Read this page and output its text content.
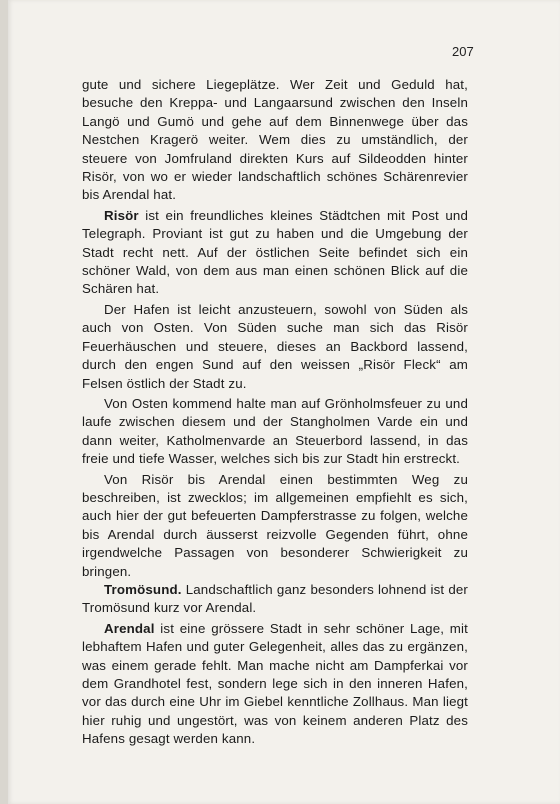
207

gute und sichere Liegeplätze. Wer Zeit und Geduld hat, besuche den Kreppa- und Langaarsund zwischen den Inseln Langö und Gumö und gehe auf dem Binnenwege über das Nestchen Kragerö weiter. Wem dies zu umständlich, der steuere von Jomfruland direkten Kurs auf Sildeodden hinter Risör, von wo er wieder landschaftlich schönes Schärenrevier bis Arendal hat.

Risör ist ein freundliches kleines Städtchen mit Post und Telegraph. Proviant ist gut zu haben und die Umgebung der Stadt recht nett. Auf der östlichen Seite befindet sich ein schöner Wald, von dem aus man einen schönen Blick auf die Schären hat.

Der Hafen ist leicht anzusteuern, sowohl von Süden als auch von Osten. Von Süden suche man sich das Risör Feuerhäuschen und steuere, dieses an Backbord lassend, durch den engen Sund auf den weissen „Risör Fleck“ am Felsen östlich der Stadt zu.

Von Osten kommend halte man auf Grönholmsfeuer zu und laufe zwischen diesem und der Stangholmen Varde ein und dann weiter, Katholmenvarde an Steuerbord lassend, in das freie und tiefe Wasser, welches sich bis zur Stadt hin erstreckt.

Von Risör bis Arendal einen bestimmten Weg zu beschreiben, ist zwecklos; im allgemeinen empfiehlt es sich, auch hier der gut befeuerten Dampferstrasse zu folgen, welche bis Arendal durch äusserst reizvolle Gegenden führt, ohne irgendwelche Passagen von besonderer Schwierigkeit zu bringen.

Tromösund. Landschaftlich ganz besonders lohnend ist der Tromösund kurz vor Arendal.

Arendal ist eine grössere Stadt in sehr schöner Lage, mit lebhaftem Hafen und guter Gelegenheit, alles das zu ergänzen, was einem gerade fehlt. Man mache nicht am Dampferkai vor dem Grandhotel fest, sondern lege sich in den inneren Hafen, vor das durch eine Uhr im Giebel kenntliche Zollhaus. Man liegt hier ruhig und ungestört, was von keinem anderen Platz des Hafens gesagt werden kann.
